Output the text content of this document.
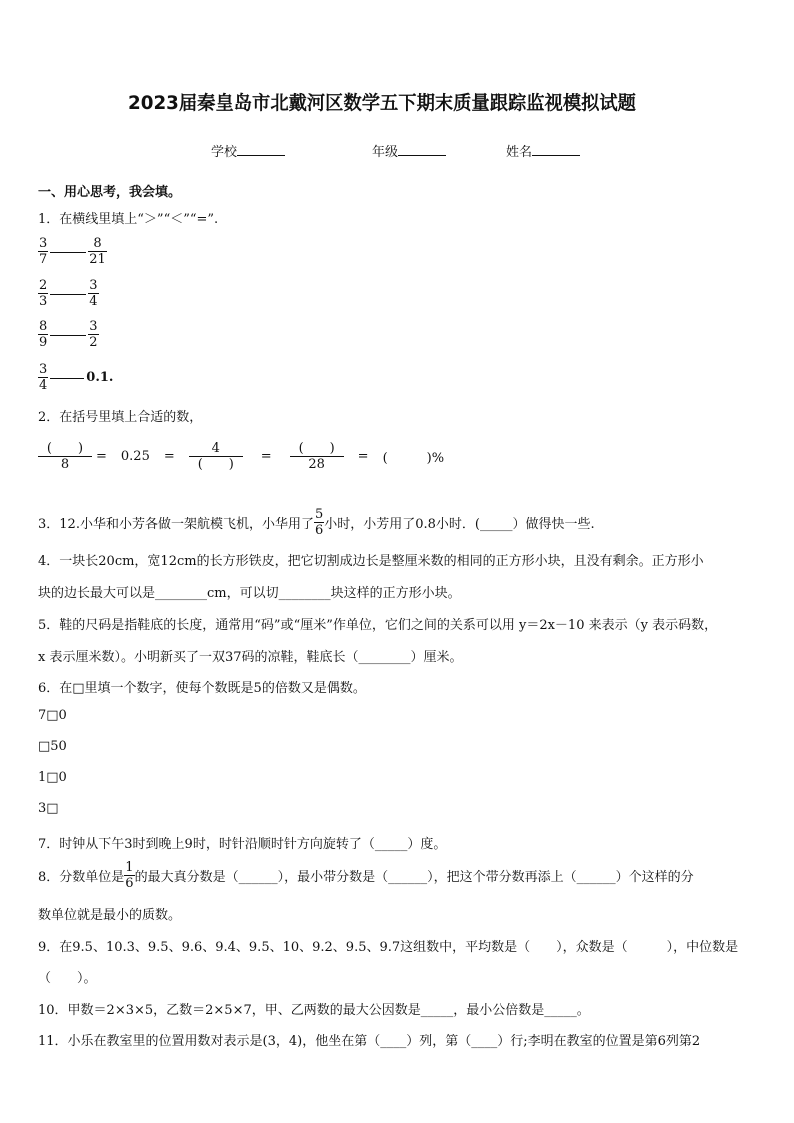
2023届秦皇岛市北戴河区数学五下期末质量跟踪监视模拟试题
学校	年级	姓名
一、用心思考，我会填。
1．在横线里填上“＞”“＜”“=”.
$\frac{3}{7}$	$\frac{8}{21}$
$\frac{2}{3}$	$\frac{3}{4}$
$\frac{8}{9}$	$\frac{3}{2}$
$\frac{3}{4}$	0.1.
2．在括号里填上合适的数，
$\frac{( )}{8} = 0.25 = \frac{4}{( )} = \frac{( )}{28}$ = (　　　)%
3．12.小华和小芳各做一架航模飞机，小华用了 $\frac{5}{6}$ 小时，小芳用了0.8小时．(_____）做得快一些.
4．一块长20cm，宽12cm的长方形铁皮，把它切割成边长是整厘米数的相同的正方形小块，且没有剩余。正方形小
块的边长最大可以是________cm，可以切________块这样的正方形小块。
5．鞋的尺码是指鞋底的长度，通常用“码”或“厘米”作单位，它们之间的关系可以用 y＝2x－10 来表示（y 表示码数，
x 表示厘米数）。小明新买了一双37码的凉鞋，鞋底长（________）厘米。
6．在□里填一个数字，使每个数既是5的倍数又是偶数。
7□0
□50
1□0
3□
7．时钟从下午3时到晚上9时，时针沿顺时针方向旋转了（_____）度。
8．分数单位是 $\frac{1}{6}$ 的最大真分数是（______），最小带分数是（______），把这个带分数再添上（______）个这样的分
数单位就是最小的质数。
9．在9.5、10.3、9.5、9.6、9.4、9.5、10、9.2、9.5、9.7这组数中，平均数是（　　），众数是（　　　），中位数是
（　　）。
10．甲数＝2×3×5，乙数＝2×5×7，甲、乙两数的最大公因数是_____，最小公倍数是_____。
11．小乐在教室里的位置用数对表示是(3，4)，他坐在第（____）列，第（____）行;李明在教室的位置是第6列第2
